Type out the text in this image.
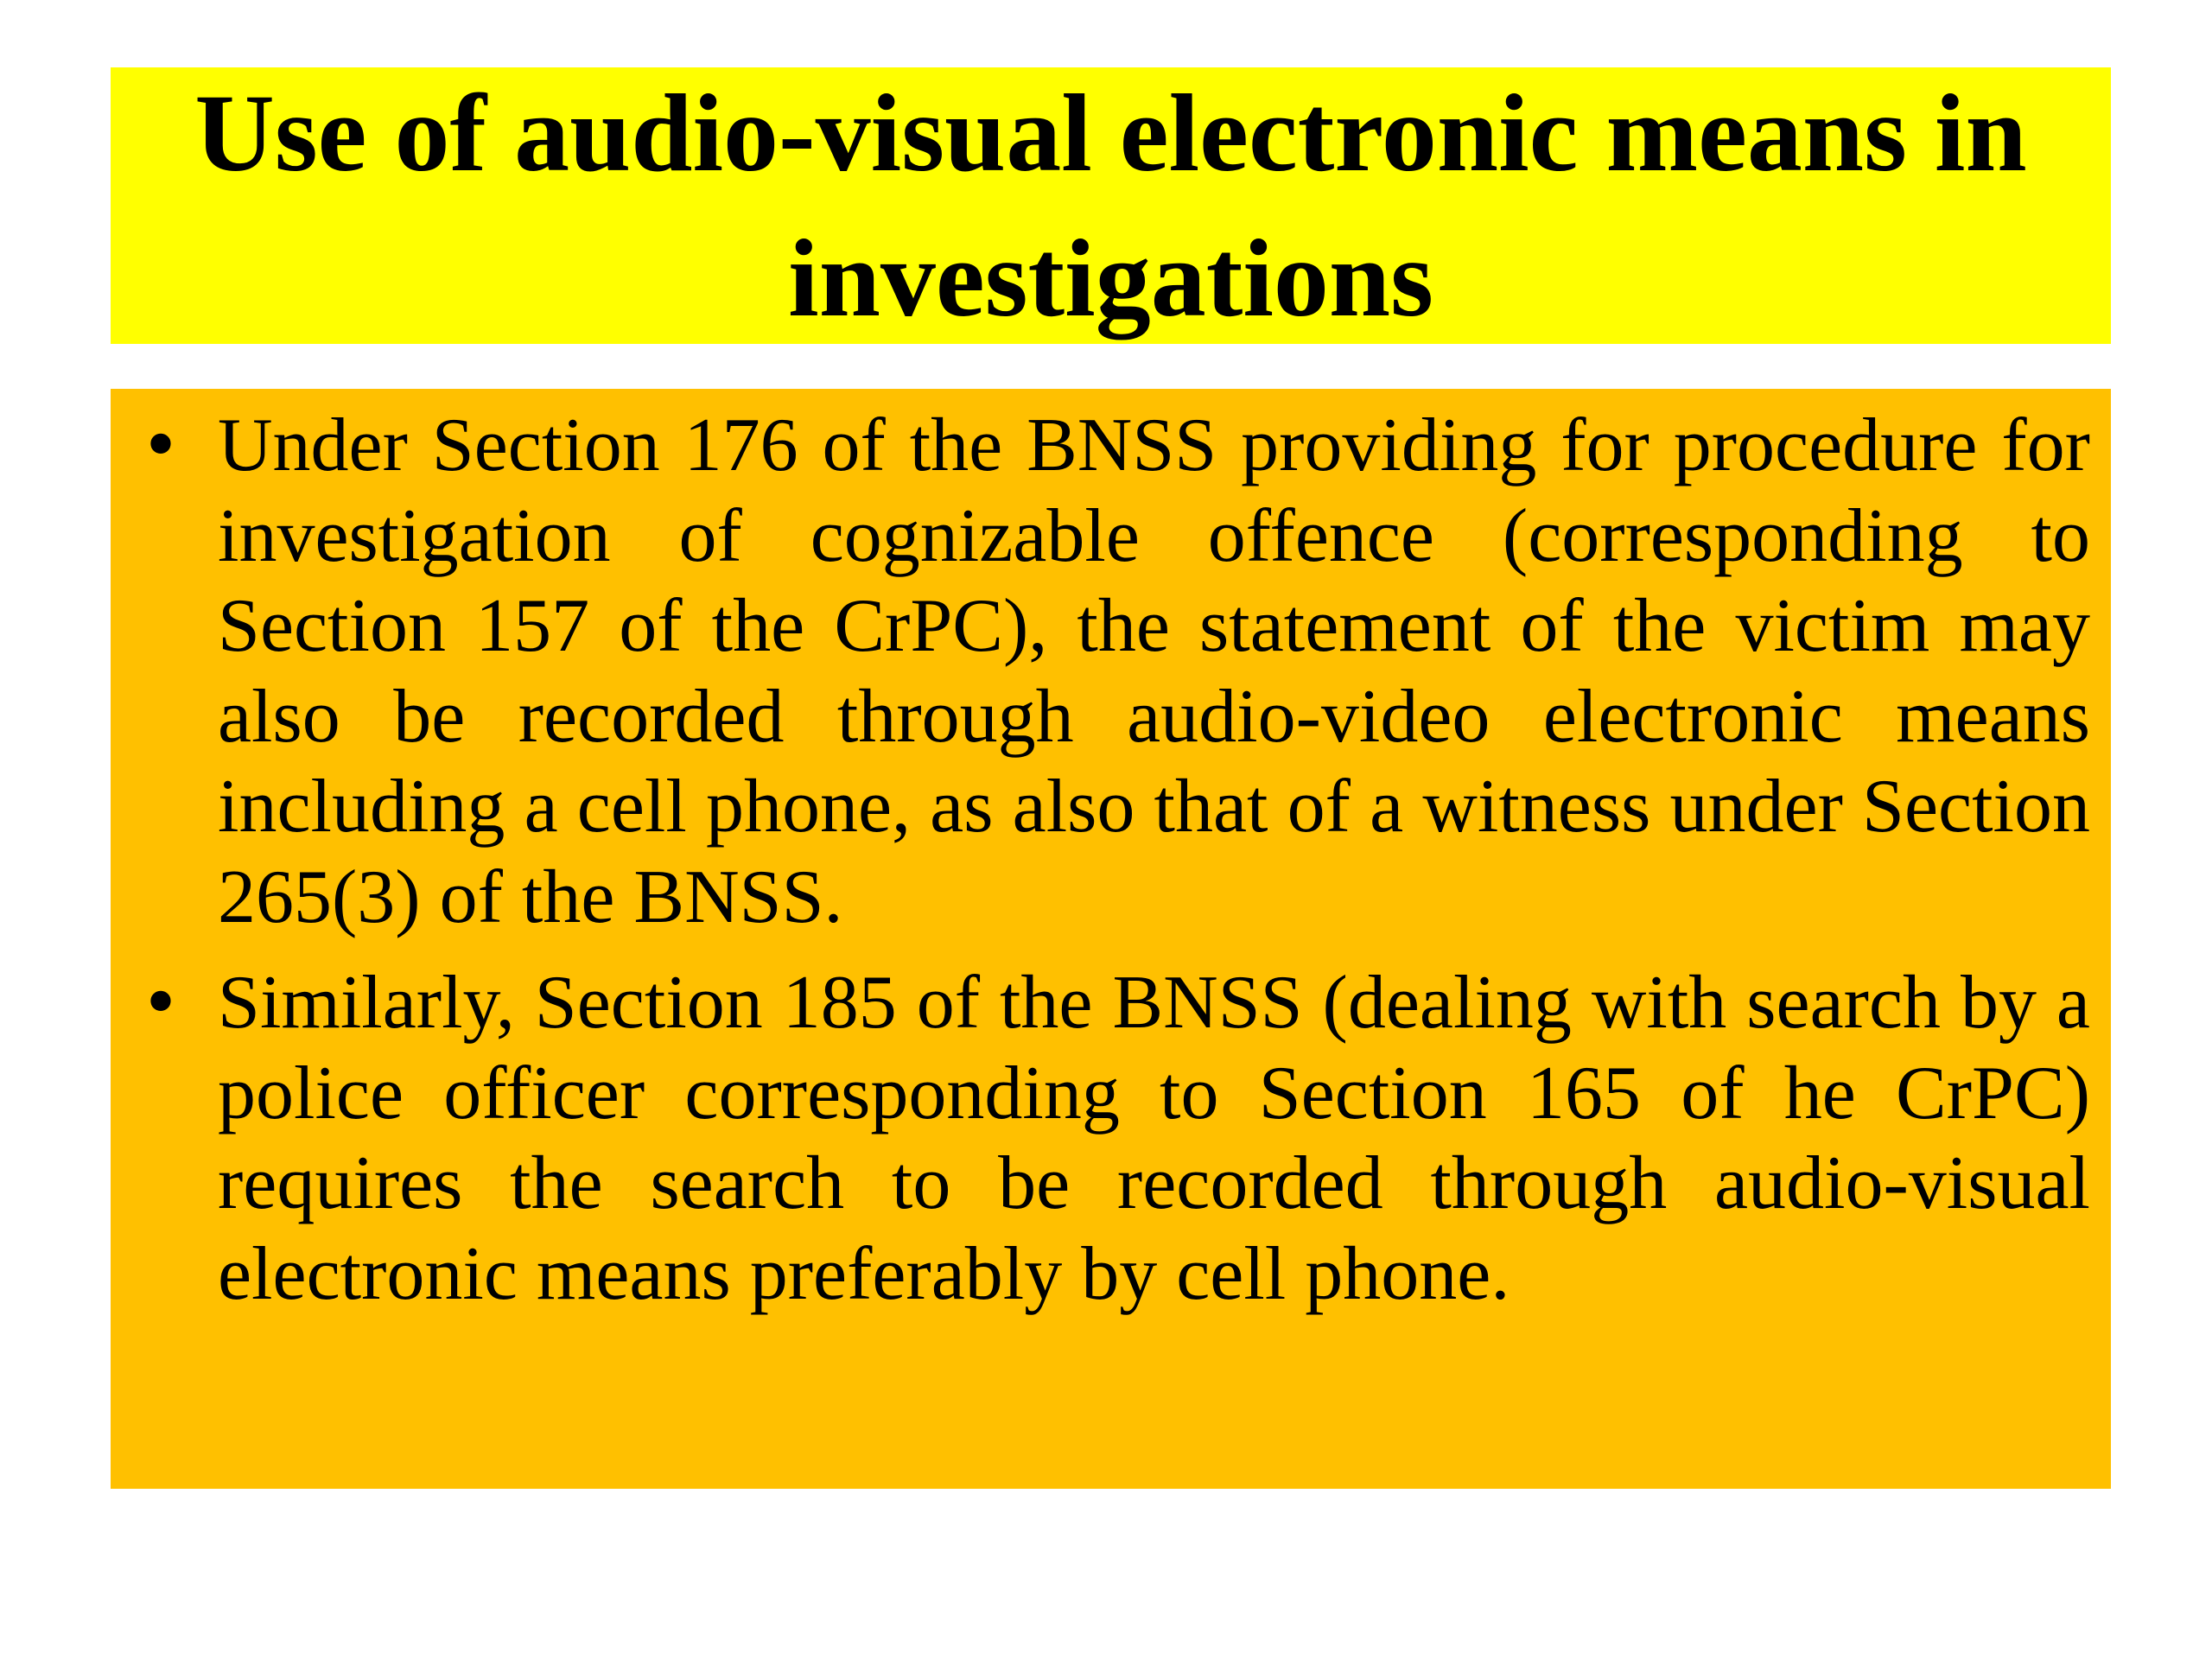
Use of audio-visual electronic means in investigations
• Under Section 176 of the BNSS providing for procedure for investigation of cognizable offence (corresponding to Section 157 of the CrPC), the statement of the victim may also be recorded through audio-video electronic means including a cell phone, as also that of a witness under Section 265(3) of the BNSS.
• Similarly, Section 185 of the BNSS (dealing with search by a police officer corresponding to Section 165 of he CrPC) requires the search to be recorded through audio-visual electronic means preferably by cell phone.
